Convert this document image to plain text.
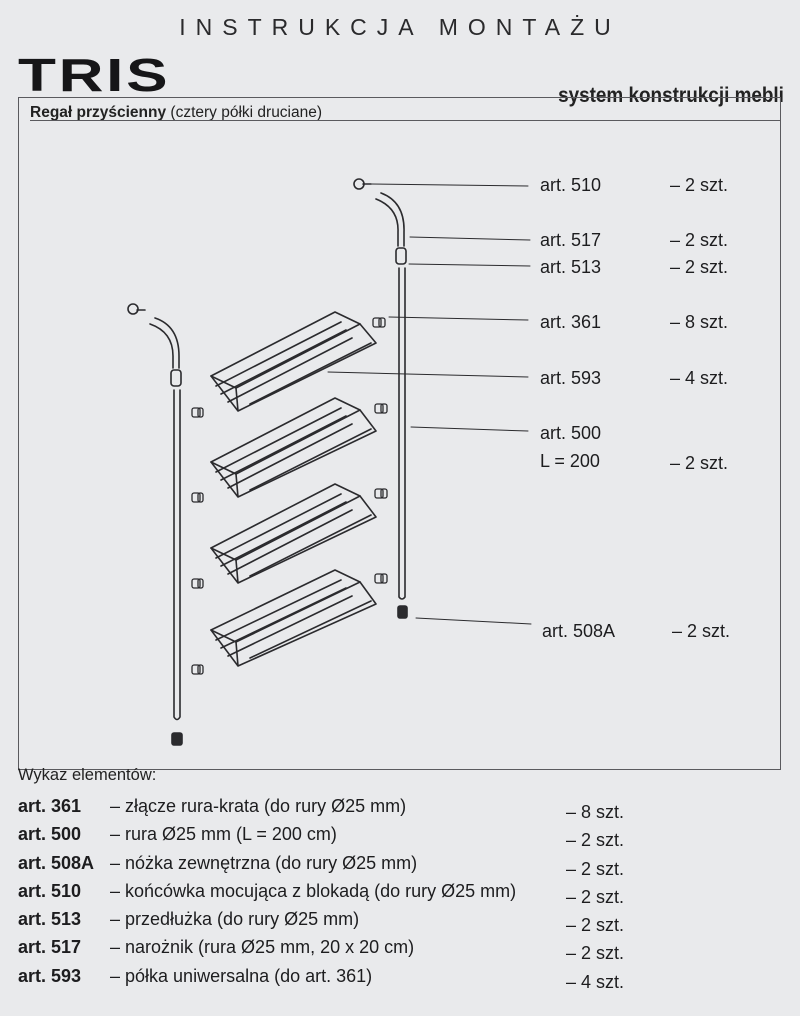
INSTRUKCJA MONTAŻU
TRIS	system konstrukcji mebli
Regał przyścienny (cztery półki druciane)
art. 510	– 2 szt.
art. 517	– 2 szt.
art. 513	– 2 szt.
art. 361	– 8 szt.
art. 593	– 4 szt.
art. 500
L = 200	– 2 szt.
art. 508A	– 2 szt.
Wykaz elementów:
art. 361 – złącze rura-krata (do rury Ø25 mm)	– 8 szt.
art. 500 – rura Ø25 mm (L = 200 cm)	– 2 szt.
art. 508A – nóżka zewnętrzna (do rury Ø25 mm)	– 2 szt.
art. 510 – końcówka mocująca z blokadą (do rury Ø25 mm)	– 2 szt.
art. 513 – przedłużka (do rury Ø25 mm)	– 2 szt.
art. 517 – narożnik (rura Ø25 mm, 20 x 20 cm)	– 2 szt.
art. 593 – półka uniwersalna (do art. 361)	– 4 szt.
